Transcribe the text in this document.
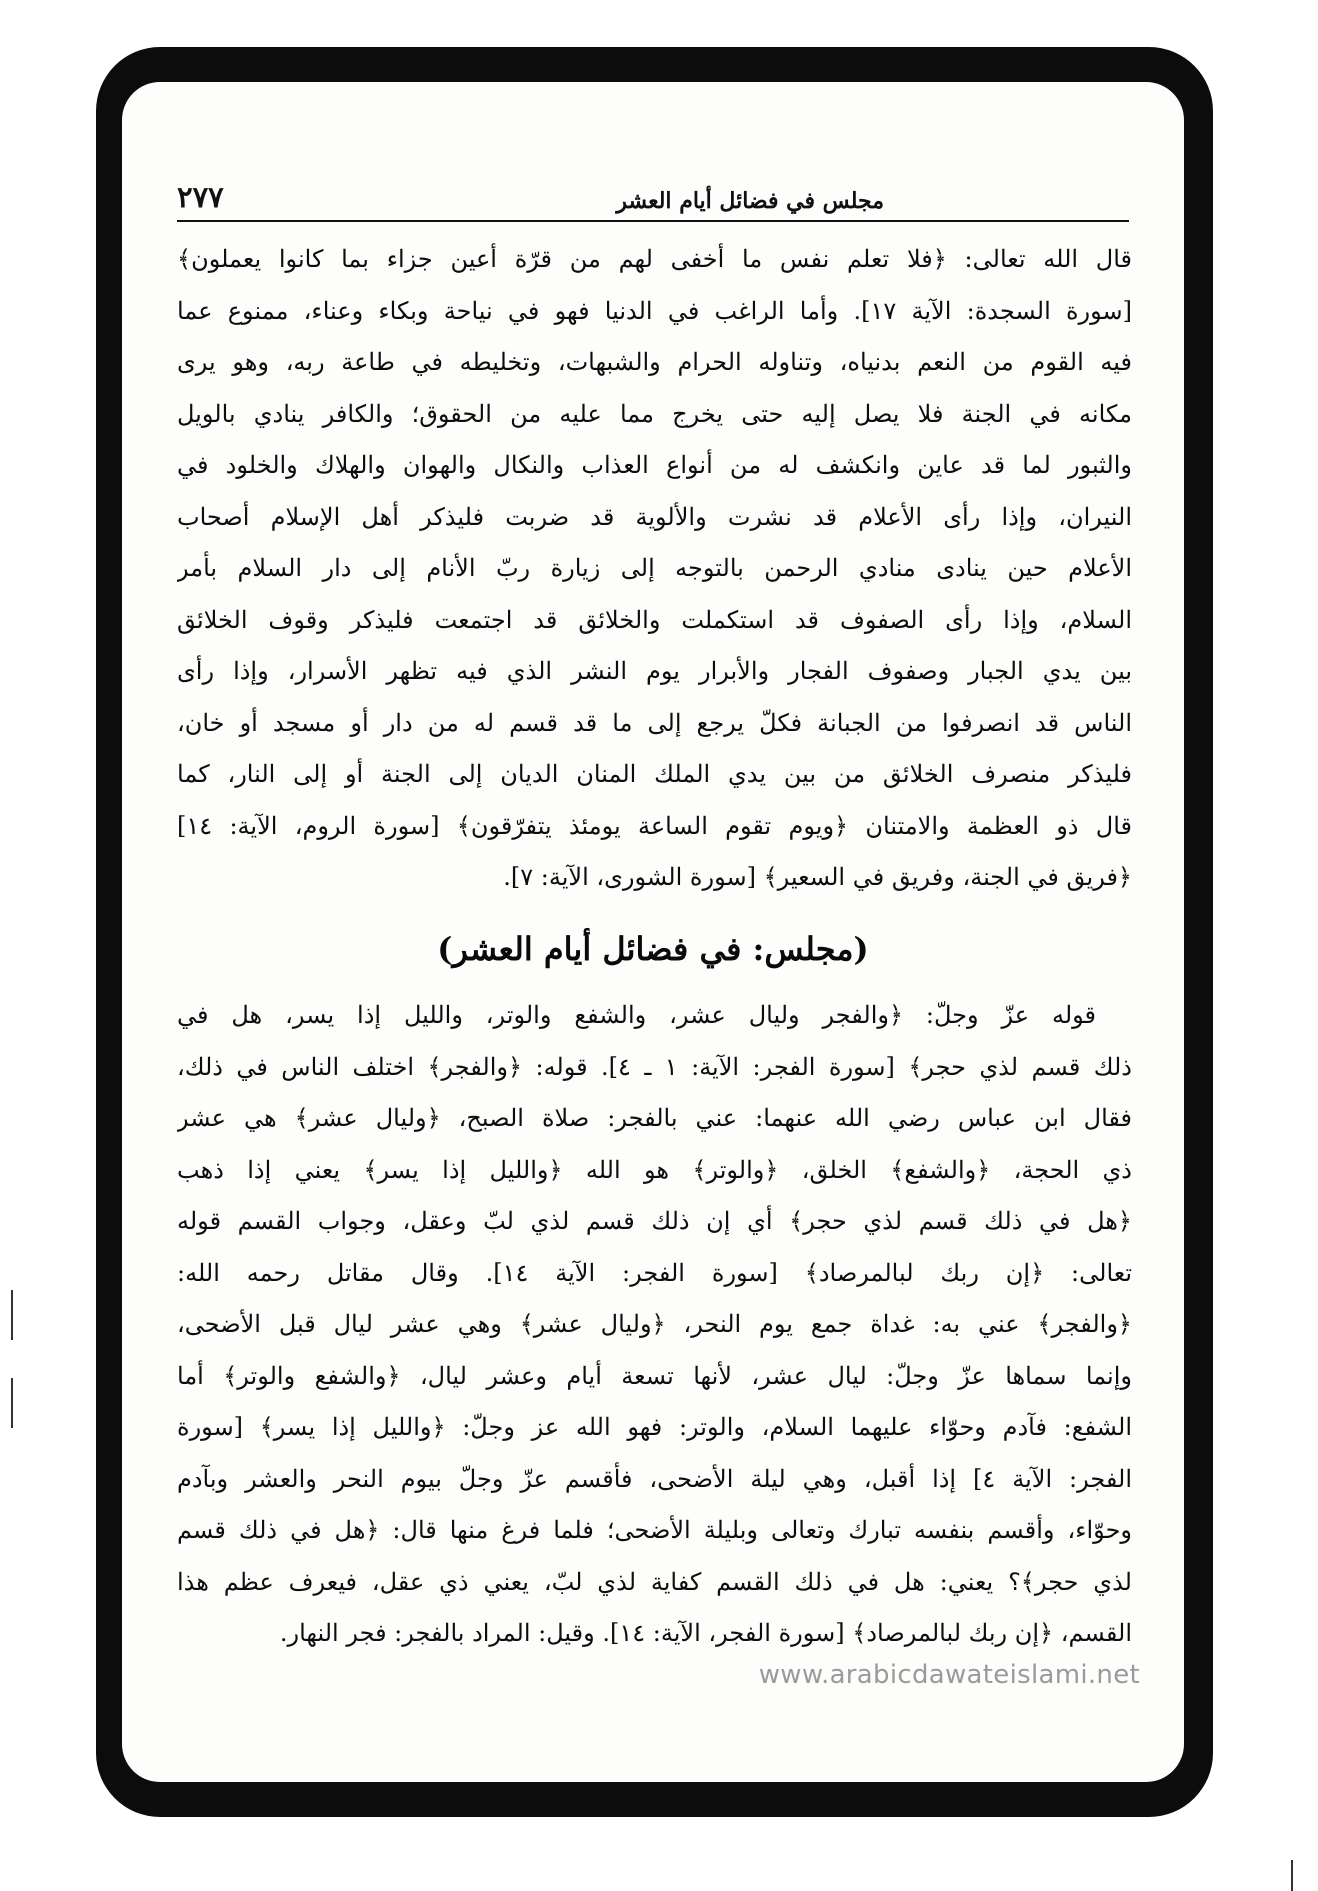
مجلس في فضائل أيام العشر
٢٧٧
قال الله تعالى: ﴿فلا تعلم نفس ما أخفى لهم من قرّة أعين جزاء بما كانوا يعملون﴾
[سورة السجدة: الآية ١٧]. وأما الراغب في الدنيا فهو في نياحة وبكاء وعناء، ممنوع عما
فيه القوم من النعم بدنياه، وتناوله الحرام والشبهات، وتخليطه في طاعة ربه، وهو يرى
مكانه في الجنة فلا يصل إليه حتى يخرج مما عليه من الحقوق؛ والكافر ينادي بالويل
والثبور لما قد عاين وانكشف له من أنواع العذاب والنكال والهوان والهلاك والخلود في
النيران، وإذا رأى الأعلام قد نشرت والألوية قد ضربت فليذكر أهل الإسلام أصحاب
الأعلام حين ينادى منادي الرحمن بالتوجه إلى زيارة ربّ الأنام إلى دار السلام بأمر
السلام، وإذا رأى الصفوف قد استكملت والخلائق قد اجتمعت فليذكر وقوف الخلائق
بين يدي الجبار وصفوف الفجار والأبرار يوم النشر الذي فيه تظهر الأسرار، وإذا رأى
الناس قد انصرفوا من الجبانة فكلّ يرجع إلى ما قد قسم له من دار أو مسجد أو خان،
فليذكر منصرف الخلائق من بين يدي الملك المنان الديان إلى الجنة أو إلى النار، كما
قال ذو العظمة والامتنان ﴿ويوم تقوم الساعة يومئذ يتفرّقون﴾ [سورة الروم، الآية: ١٤]
﴿فريق في الجنة، وفريق في السعير﴾ [سورة الشورى، الآية: ٧].
(مجلس: في فضائل أيام العشر)
قوله عزّ وجلّ: ﴿والفجر وليال عشر، والشفع والوتر، والليل إذا يسر، هل في
ذلك قسم لذي حجر﴾ [سورة الفجر: الآية: ١ ـ ٤]. قوله: ﴿والفجر﴾ اختلف الناس في ذلك،
فقال ابن عباس رضي الله عنهما: عني بالفجر: صلاة الصبح، ﴿وليال عشر﴾ هي عشر
ذي الحجة، ﴿والشفع﴾ الخلق، ﴿والوتر﴾ هو الله ﴿والليل إذا يسر﴾ يعني إذا ذهب
﴿هل في ذلك قسم لذي حجر﴾ أي إن ذلك قسم لذي لبّ وعقل، وجواب القسم قوله
تعالى: ﴿إن ربك لبالمرصاد﴾ [سورة الفجر: الآية ١٤]. وقال مقاتل رحمه الله:
﴿والفجر﴾ عني به: غداة جمع يوم النحر، ﴿وليال عشر﴾ وهي عشر ليال قبل الأضحى،
وإنما سماها عزّ وجلّ: ليال عشر، لأنها تسعة أيام وعشر ليال، ﴿والشفع والوتر﴾ أما
الشفع: فآدم وحوّاء عليهما السلام، والوتر: فهو الله عز وجلّ: ﴿والليل إذا يسر﴾ [سورة
الفجر: الآية ٤] إذا أقبل، وهي ليلة الأضحى، فأقسم عزّ وجلّ بيوم النحر والعشر وبآدم
وحوّاء، وأقسم بنفسه تبارك وتعالى وبليلة الأضحى؛ فلما فرغ منها قال: ﴿هل في ذلك قسم
لذي حجر﴾؟ يعني: هل في ذلك القسم كفاية لذي لبّ، يعني ذي عقل، فيعرف عظم هذا
القسم، ﴿إن ربك لبالمرصاد﴾ [سورة الفجر، الآية: ١٤]. وقيل: المراد بالفجر: فجر النهار.
www.arabicdawateislami.net
